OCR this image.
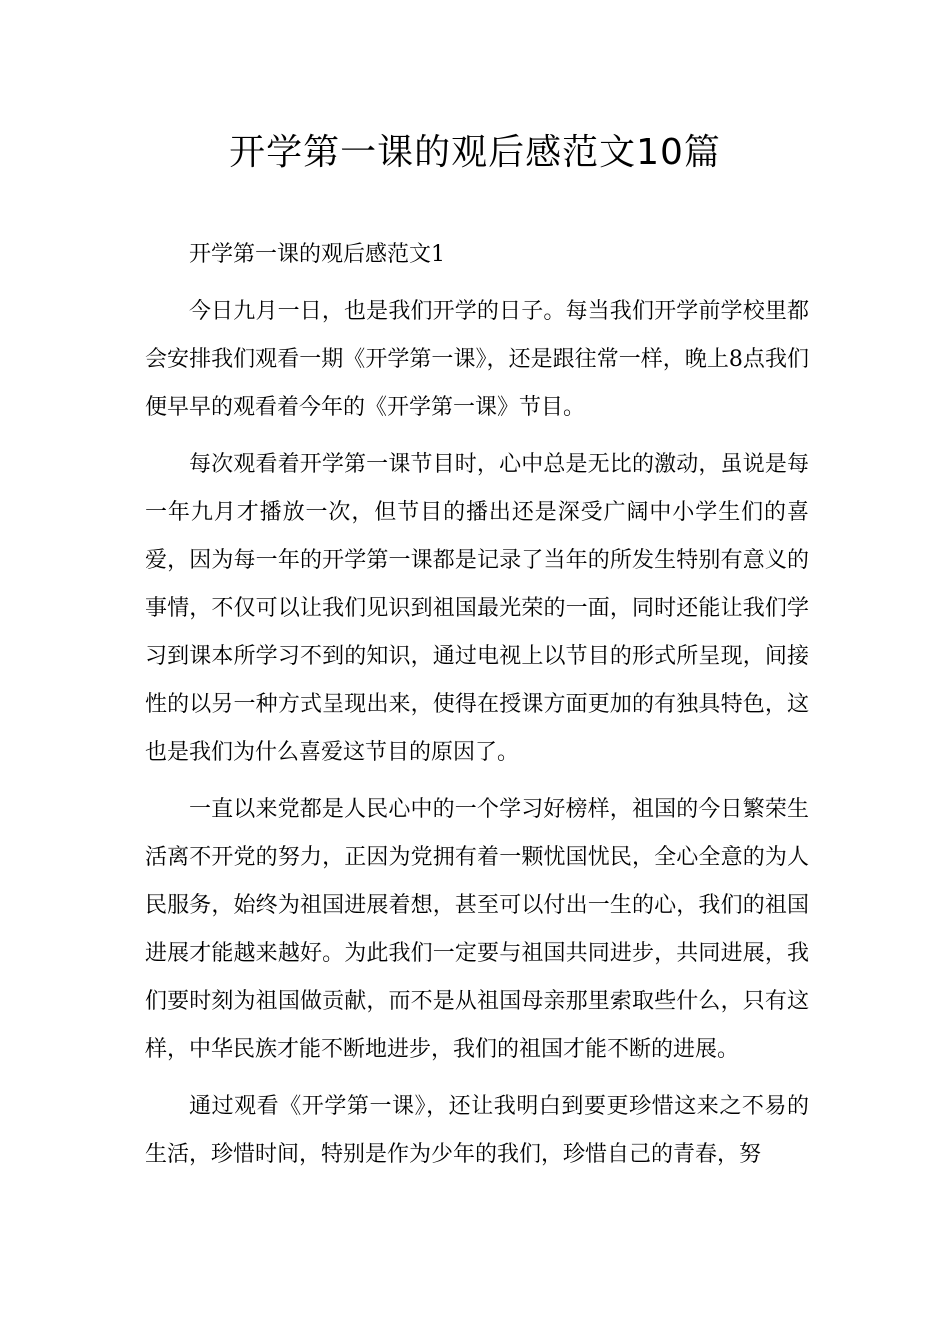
开学第一课的观后感范文10篇

开学第一课的观后感范文1

今日九月一日，也是我们开学的日子。每当我们开学前学校里都会安排我们观看一期《开学第一课》，还是跟往常一样，晚上8点我们便早早的观看着今年的《开学第一课》节目。

每次观看着开学第一课节目时，心中总是无比的激动，虽说是每一年九月才播放一次，但节目的播出还是深受广阔中小学生们的喜爱，因为每一年的开学第一课都是记录了当年的所发生特别有意义的事情，不仅可以让我们见识到祖国最光荣的一面，同时还能让我们学习到课本所学习不到的知识，通过电视上以节目的形式所呈现，间接性的以另一种方式呈现出来，使得在授课方面更加的有独具特色，这也是我们为什么喜爱这节目的原因了。

一直以来党都是人民心中的一个学习好榜样，祖国的今日繁荣生活离不开党的努力，正因为党拥有着一颗忧国忧民，全心全意的为人民服务，始终为祖国进展着想，甚至可以付出一生的心，我们的祖国进展才能越来越好。为此我们一定要与祖国共同进步，共同进展，我们要时刻为祖国做贡献，而不是从祖国母亲那里索取些什么，只有这样，中华民族才能不断地进步，我们的祖国才能不断的进展。

通过观看《开学第一课》，还让我明白到要更珍惜这来之不易的生活，珍惜时间，特别是作为少年的我们，珍惜自己的青春，努
